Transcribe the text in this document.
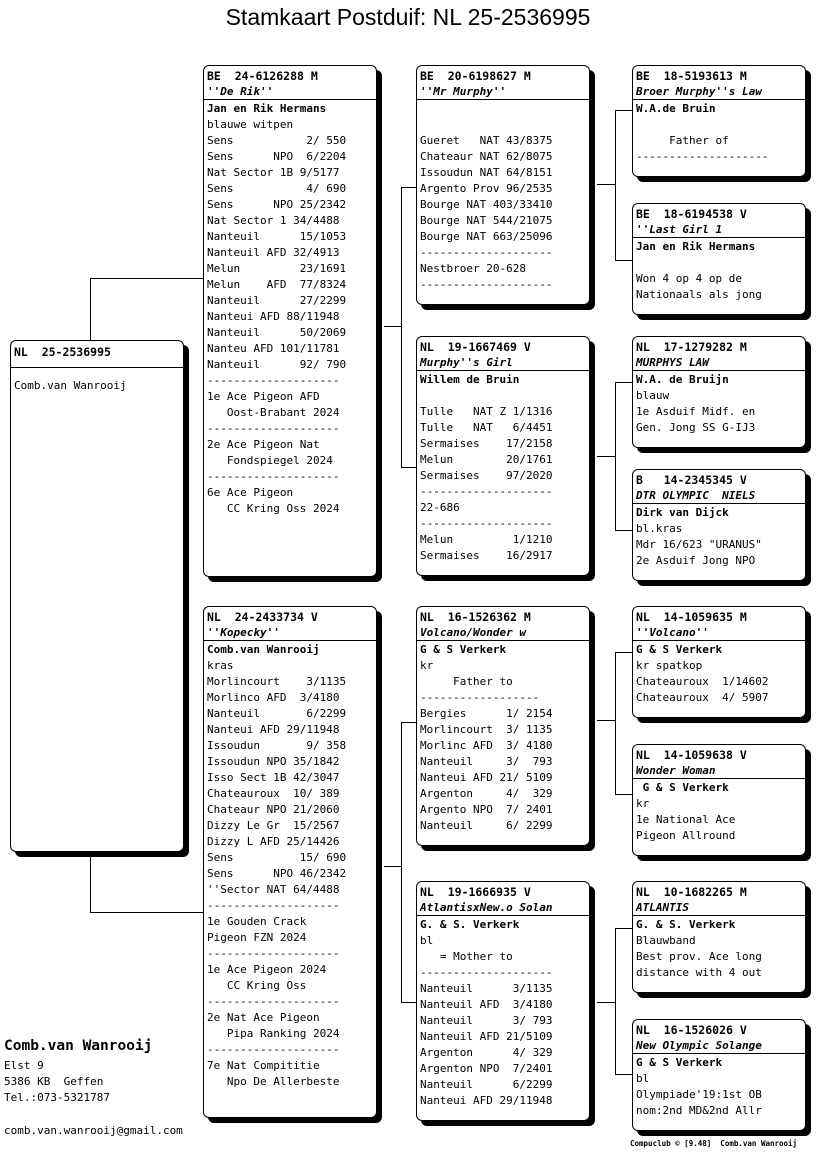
Stamkaart Postduif: NL 25-2536995
NL  25-2536995
Comb.van Wanrooij
BE  24-6126288 M
''De Rik''
Jan en Rik Hermans
blauwe witpen
Sens           2/ 550
Sens      NPO  6/2204
Nat Sector 1B 9/5177
Sens           4/ 690
Sens      NPO 25/2342
Nat Sector 1 34/4488
Nanteuil      15/1053
Nanteuil AFD 32/4913
Melun         23/1691
Melun    AFD  77/8324
Nanteuil      27/2299
Nanteui AFD 88/11948
Nanteuil      50/2069
Nanteu AFD 101/11781
Nanteuil      92/ 790
--------------------
1e Ace Pigeon AFD
Oost-Brabant 2024
--------------------
2e Ace Pigeon Nat
Fondspiegel 2024
--------------------
6e Ace Pigeon
CC Kring Oss 2024
NL  24-2433734 V
''Kopecky''
Comb.van Wanrooij
kras
Morlincourt    3/1135
Morlinco AFD  3/4180
Nanteuil       6/2299
Nanteui AFD 29/11948
Issoudun       9/ 358
Issoudun NPO 35/1842
Isso Sect 1B 42/3047
Chateauroux  10/ 389
Chateaur NPO 21/2060
Dizzy Le Gr  15/2567
Dizzy L AFD 25/14426
Sens          15/ 690
Sens      NPO 46/2342
''Sector NAT 64/4488
--------------------
1e Gouden Crack
Pigeon FZN 2024
--------------------
1e Ace Pigeon 2024
CC Kring Oss
--------------------
2e Nat Ace Pigeon
Pipa Ranking 2024
--------------------
7e Nat Compititie
Npo De Allerbeste
BE  20-6198627 M
''Mr Murphy''
Gueret   NAT 43/8375
Chateaur NAT 62/8075
Issoudun NAT 64/8151
Argento Prov 96/2535
Bourge NAT 403/33410
Bourge NAT 544/21075
Bourge NAT 663/25096
--------------------
Nestbroer 20-628
--------------------
NL  19-1667469 V
Murphy''s Girl
Willem de Bruin
Tulle   NAT Z 1/1316
Tulle   NAT   6/4451
Sermaises    17/2158
Melun        20/1761
Sermaises    97/2020
--------------------
22-686
--------------------
Melun         1/1210
Sermaises    16/2917
NL  16-1526362 M
Volcano/Wonder w
G & S Verkerk
kr
Father to
------------------
Bergies      1/ 2154
Morlincourt  3/ 1135
Morlinc AFD  3/ 4180
Nanteuil     3/  793
Nanteui AFD 21/ 5109
Argenton     4/  329
Argento NPO  7/ 2401
Nanteuil     6/ 2299
NL  19-1666935 V
AtlantisxNew.o Solan
G. & S. Verkerk
bl
= Mother to
--------------------
Nanteuil      3/1135
Nanteuil AFD  3/4180
Nanteuil      3/ 793
Nanteuil AFD 21/5109
Argenton      4/ 329
Argenton NPO  7/2401
Nanteuil      6/2299
Nanteui AFD 29/11948
BE  18-5193613 M
Broer Murphy''s Law
W.A.de Bruin
Father of
--------------------
BE  18-6194538 V
''Last Girl 1
Jan en Rik Hermans
Won 4 op 4 op de
Nationaals als jong
NL  17-1279282 M
MURPHYS LAW
W.A. de Bruijn
blauw
1e Asduif Midf. en
Gen. Jong SS G-IJ3
B   14-2345345 V
DTR OLYMPIC  NIELS
Dirk van Dijck
bl.kras
Mdr 16/623 "URANUS"
2e Asduif Jong NPO
NL  14-1059635 M
''Volcano''
G & S Verkerk
kr spatkop
Chateauroux  1/14602
Chateauroux  4/ 5907
NL  14-1059638 V
Wonder Woman
G & S Verkerk
kr
1e National Ace
Pigeon Allround
NL  10-1682265 M
ATLANTIS
G. & S. Verkerk
Blauwband
Best prov. Ace long
distance with 4 out
NL  16-1526026 V
New Olympic Solange
G & S Verkerk
bl
Olympiade'19:1st OB
nom:2nd MD&2nd Allr
Comb.van Wanrooij
Elst 9
5386 KB  Geffen
Tel.:073-5321787
comb.van.wanrooij@gmail.com
Compuclub © [9.48]  Comb.van Wanrooij
